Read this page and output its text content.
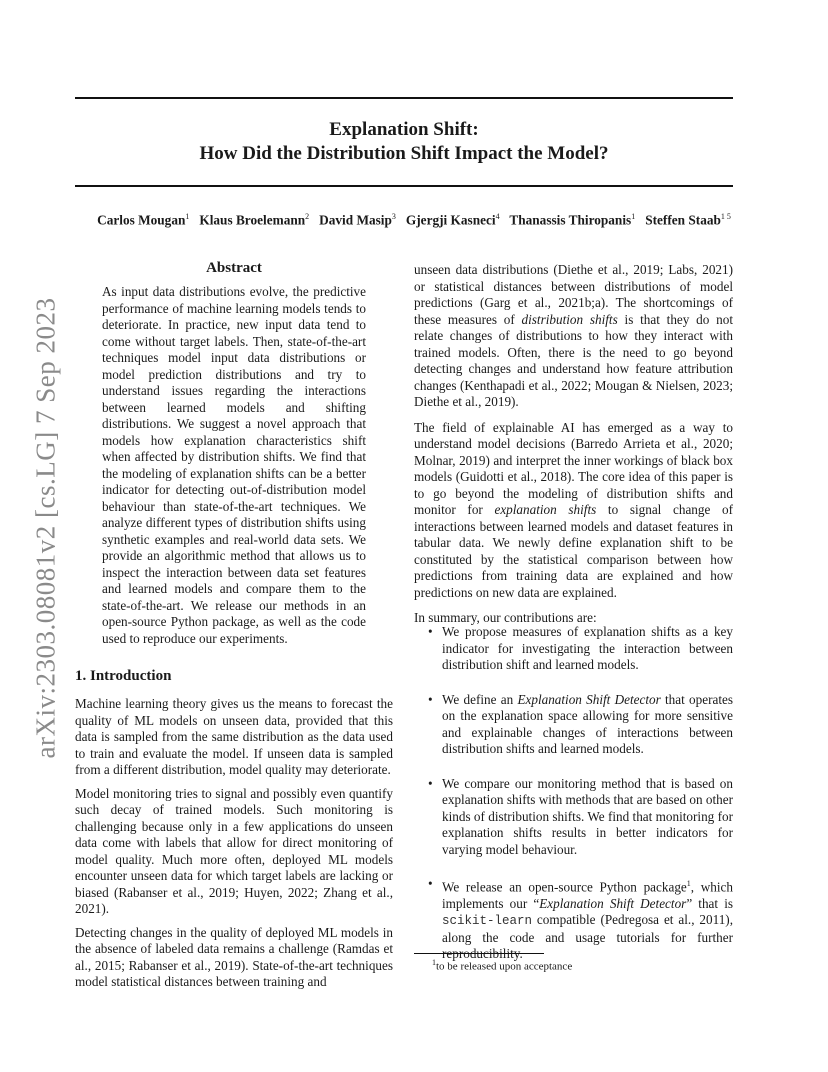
arXiv:2303.08081v2 [cs.LG] 7 Sep 2023
Explanation Shift:
How Did the Distribution Shift Impact the Model?
Carlos Mougan$^1$ Klaus Broelemann$^2$ David Masip$^3$ Gjergji Kasneci$^4$ Thanassis Thiropanis$^1$ Steffen Staab$^{1 5}$
Abstract

As input data distributions evolve, the predictive performance of machine learning models tends to deteriorate. In practice, new input data tend to come without target labels. Then, state-of-the-art techniques model input data distributions or model prediction distributions and try to understand issues regarding the interactions between learned models and shifting distributions. We suggest a novel approach that models how explanation characteristics shift when affected by distribution shifts. We find that the modeling of explanation shifts can be a better indicator for detecting out-of-distribution model behaviour than state-of-the-art techniques. We analyze different types of distribution shifts using synthetic examples and real-world data sets. We provide an algorithmic method that allows us to inspect the interaction between data set features and learned models and compare them to the state-of-the-art. We release our methods in an open-source Python package, as well as the code used to reproduce our experiments.

1. Introduction

Machine learning theory gives us the means to forecast the quality of ML models on unseen data, provided that this data is sampled from the same distribution as the data used to train and evaluate the model. If unseen data is sampled from a different distribution, model quality may deteriorate.

Model monitoring tries to signal and possibly even quantify such decay of trained models. Such monitoring is challenging because only in a few applications do unseen data come with labels that allow for direct monitoring of model quality. Much more often, deployed ML models encounter unseen data for which target labels are lacking or biased (Rabanser et al., 2019; Huyen, 2022; Zhang et al., 2021).

Detecting changes in the quality of deployed ML models in the absence of labeled data remains a challenge (Ramdas et al., 2015; Rabanser et al., 2019). State-of-the-art techniques model statistical distances between training and

unseen data distributions (Diethe et al., 2019; Labs, 2021) or statistical distances between distributions of model predictions (Garg et al., 2021b;a). The shortcomings of these measures of distribution shifts is that they do not relate changes of distributions to how they interact with trained models. Often, there is the need to go beyond detecting changes and understand how feature attribution changes (Kenthapadi et al., 2022; Mougan & Nielsen, 2023; Diethe et al., 2019).

The field of explainable AI has emerged as a way to understand model decisions (Barredo Arrieta et al., 2020; Molnar, 2019) and interpret the inner workings of black box models (Guidotti et al., 2018). The core idea of this paper is to go beyond the modeling of distribution shifts and monitor for explanation shifts to signal change of interactions between learned models and dataset features in tabular data. We newly define explanation shift to be constituted by the statistical comparison between how predictions from training data are explained and how predictions on new data are explained.

In summary, our contributions are:

• We propose measures of explanation shifts as a key indicator for investigating the interaction between distribution shift and learned models.
• We define an Explanation Shift Detector that operates on the explanation space allowing for more sensitive and explainable changes of interactions between distribution shifts and learned models.
• We compare our monitoring method that is based on explanation shifts with methods that are based on other kinds of distribution shifts. We find that monitoring for explanation shifts results in better indicators for varying model behaviour.
• We release an open-source Python package$^1$, which implements our “Explanation Shift Detector” that is scikit-learn compatible (Pedregosa et al., 2011), along the code and usage tutorials for further reproducibility.
$^1$to be released upon acceptance
